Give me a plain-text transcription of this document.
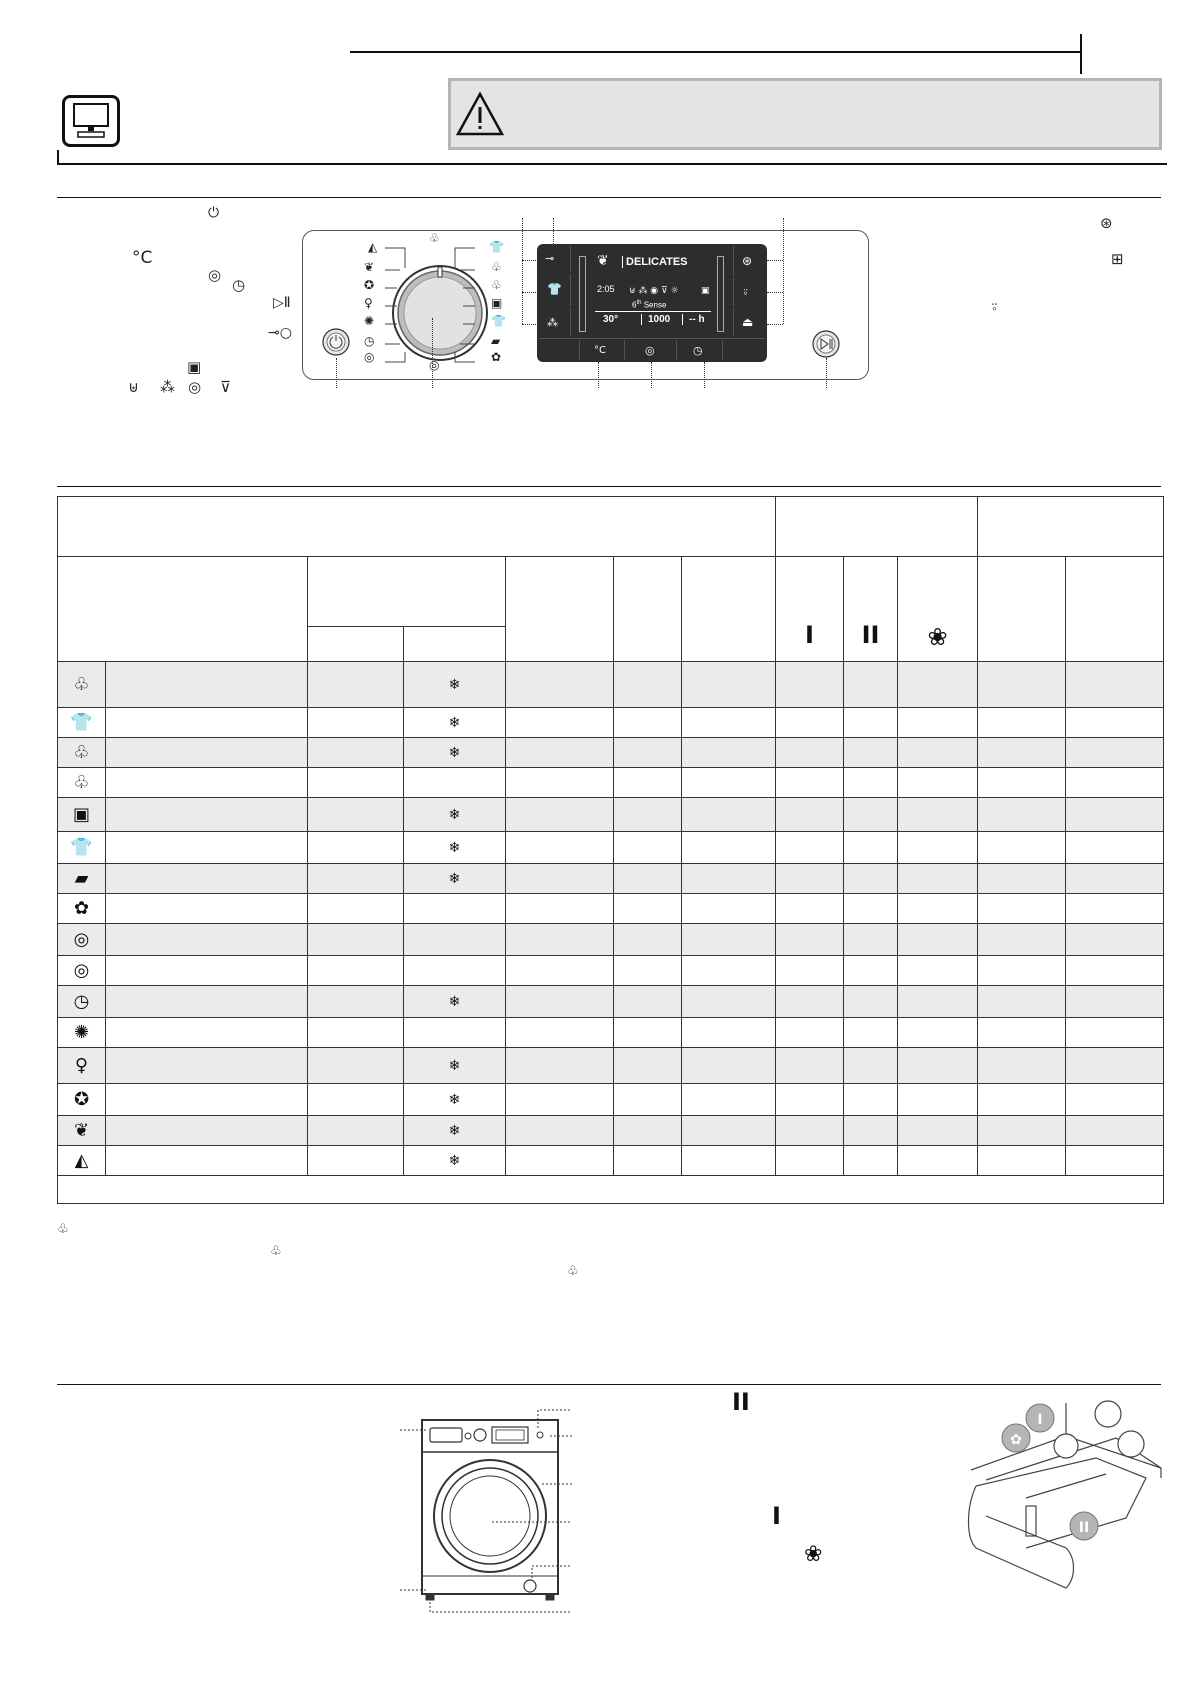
⏻
°C
◎
◷
▷Ⅱ
⊸○
▣
⊎ ⁂ ◎ ⊽
⊛
⊞
⍤
◭
♧
👕
❦	♧
✪	♧
♀	▣
✺	👕
◷	▰
◎	✿
◎
⊸
👕
⁂
⊛
⍤
⏏
❦	DELICATES
2:05 ⊎ ⁂ ◉ ⊽ ☼ ▣
6th Sense
30°	1000	-- h
°C	◎	◷

							I	II	❀		

♧			❄								
👕			❄								
♧			❄								
♧											
▣			❄								
👕			❄								
▰			❄								
✿											
◎											
◎											
◷			❄								
✺											
♀			❄								
✪			❄								
❦			❄								
◭			❄								

♧
♧
♧
II
I
❀
✿
I
II
